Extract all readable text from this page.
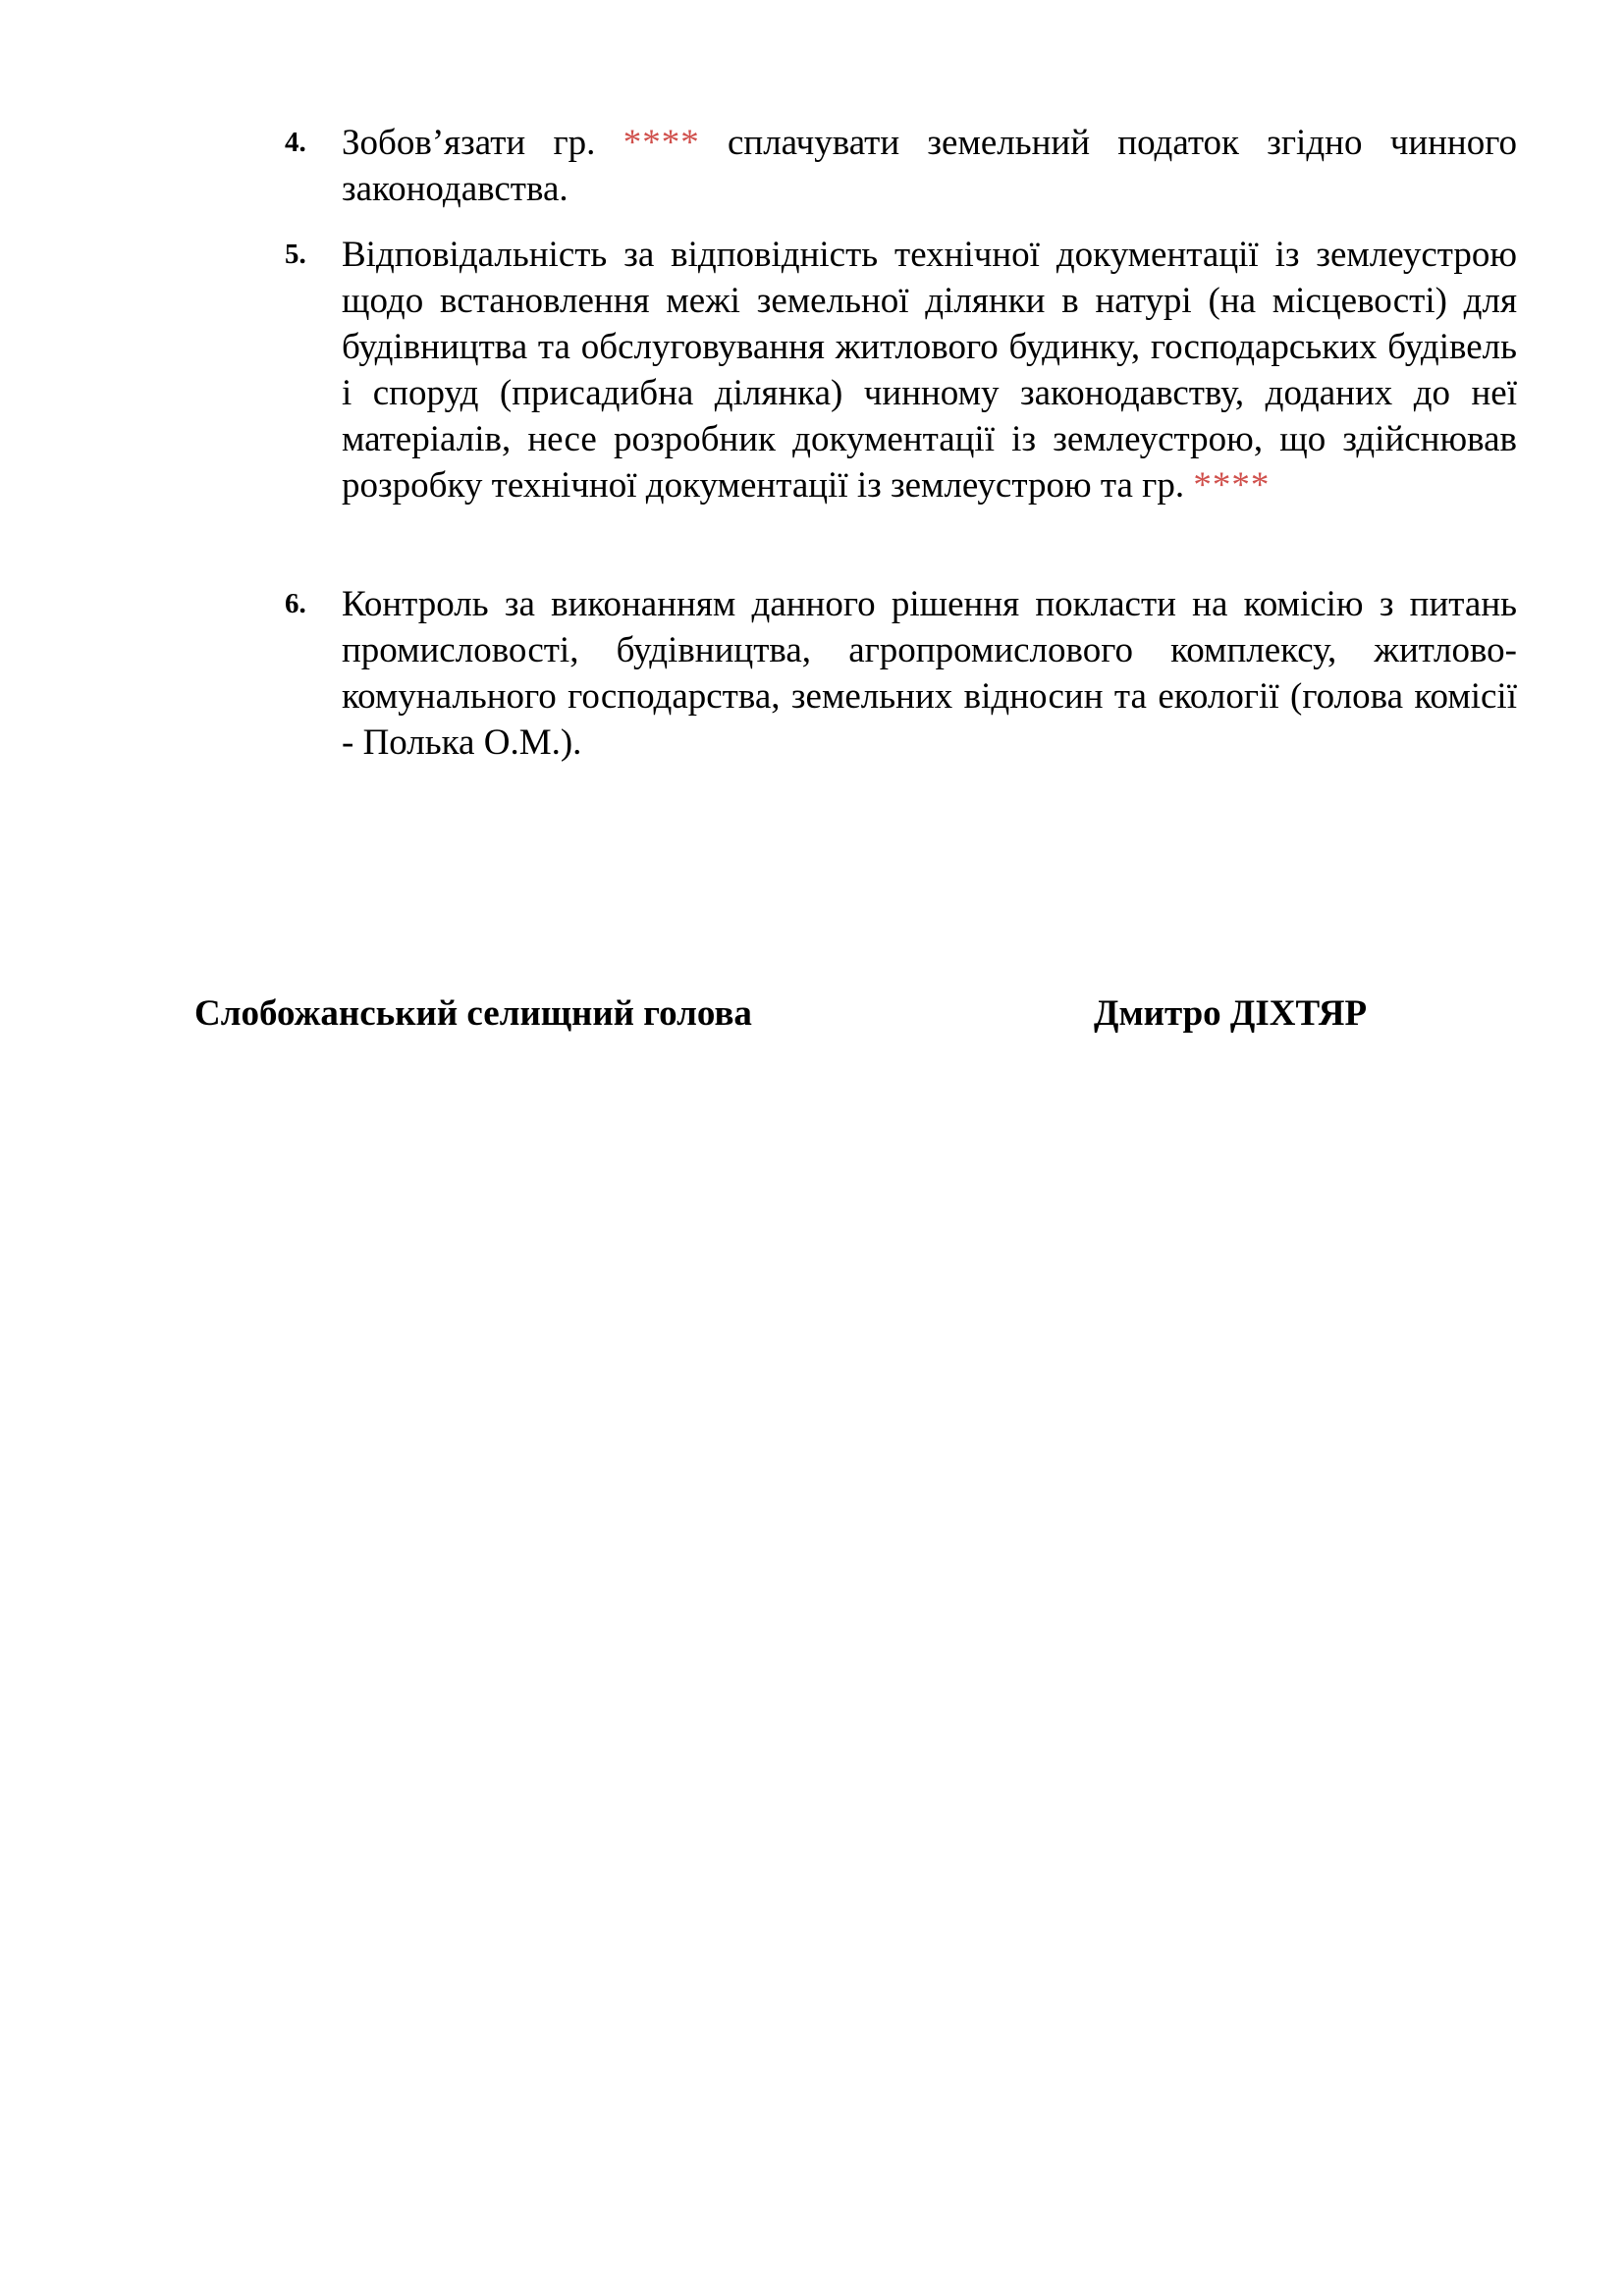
4. Зобов’язати гр. **** сплачувати земельний податок згідно чинного законодавства.
5. Відповідальність за відповідність технічної документації із землеустрою щодо встановлення межі земельної ділянки в натурі (на місцевості) для будівництва та обслуговування житлового будинку, господарських будівель і споруд (присадибна ділянка) чинному законодавству, доданих до неї матеріалів, несе розробник документації із землеустрою, що здійснював розробку технічної документації із землеустрою та гр. ****
6. Контроль за виконанням данного рішення покласти на комісію з питань промисловості, будівництва, агропромислового комплексу, житлово-комунального господарства, земельних відносин та екології (голова комісії - Полька О.М.).
Слобожанський селищний голова	Дмитро ДІХТЯР
